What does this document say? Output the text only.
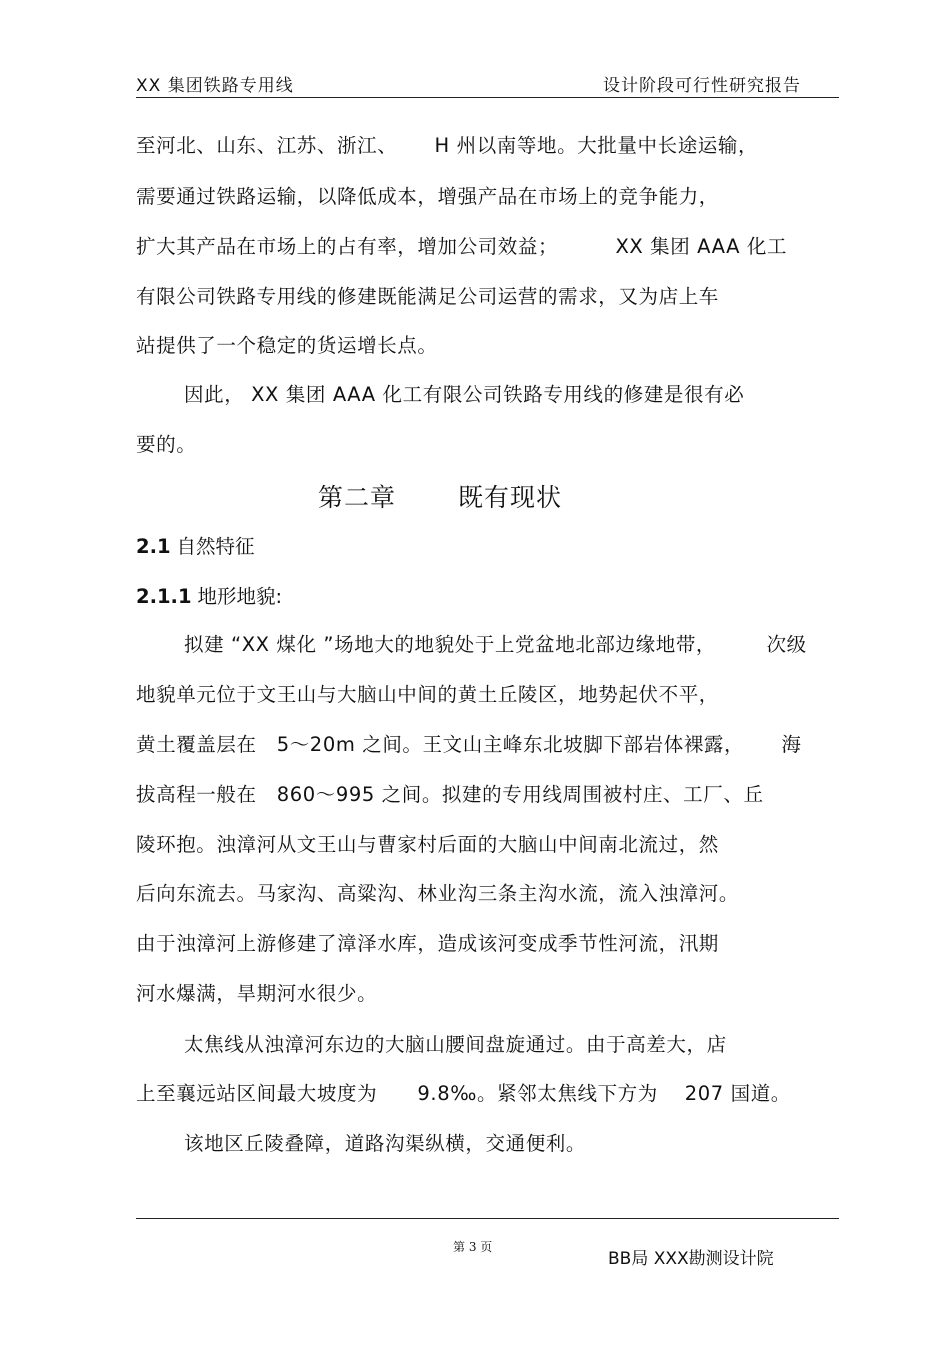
XX 集团铁路专用线	设计阶段可行性研究报告
至河北、山东、江苏、浙江、　　 H 州以南等地。大批量中长途运输，
需要通过铁路运输，以降低成本，增强产品在市场上的竞争能力，
扩大其产品在市场上的占有率，增加公司效益；　　　 XX 集团 AAA 化工
有限公司铁路专用线的修建既能满足公司运营的需求，又为店上车
站提供了一个稳定的货运增长点。
因此， XX 集团 AAA 化工有限公司铁路专用线的修建是很有必
要的。
第二章 既有现状
2.1 自然特征
2.1.1 地形地貌:
拟建 “XX 煤化 ”场地大的地貌处于上党盆地北部边缘地带，　　　次级
地貌单元位于文王山与大脑山中间的黄土丘陵区，地势起伏不平，
黄土覆盖层在　5～20m 之间。王文山主峰东北坡脚下部岩体裸露，　　 海
拔高程一般在　860～995 之间。拟建的专用线周围被村庄、工厂、丘
陵环抱。浊漳河从文王山与曹家村后面的大脑山中间南北流过，然
后向东流去。马家沟、高粱沟、林业沟三条主沟水流，流入浊漳河。
由于浊漳河上游修建了漳泽水库，造成该河变成季节性河流，汛期
河水爆满，旱期河水很少。
太焦线从浊漳河东边的大脑山腰间盘旋通过。由于高差大，店
上至襄远站区间最大坡度为　　9.8‰。紧邻太焦线下方为　 207 国道。
该地区丘陵叠障，道路沟渠纵横，交通便利。
第 3 页
BB局 XXX勘测设计院
